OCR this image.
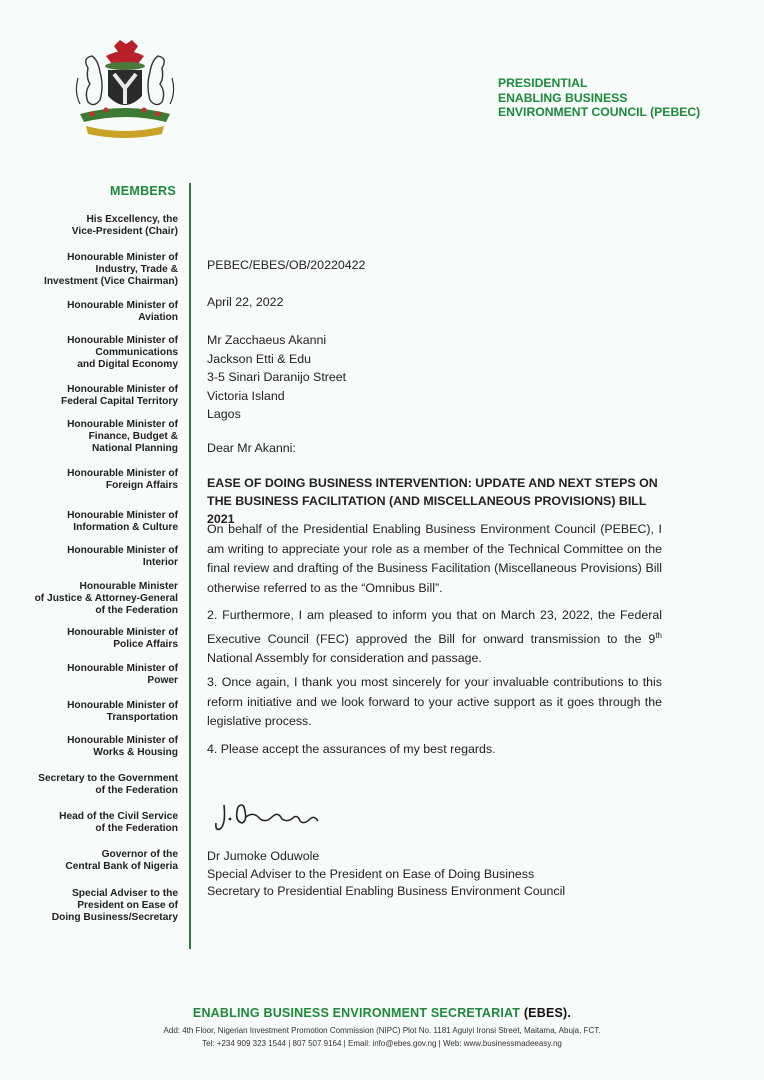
PRESIDENTIAL
ENABLING BUSINESS
ENVIRONMENT COUNCIL (PEBEC)
MEMBERS
His Excellency, the
Vice-President (Chair)
Honourable Minister of
Industry, Trade &
Investment (Vice Chairman)
Honourable Minister of
Aviation
Honourable Minister of
Communications
and Digital Economy
Honourable Minister of
Federal Capital Territory
Honourable Minister of
Finance, Budget &
National Planning
Honourable Minister of
Foreign Affairs
Honourable Minister of
Information & Culture
Honourable Minister of
Interior
Honourable Minister
of Justice & Attorney-General
of the Federation
Honourable Minister of
Police Affairs
Honourable Minister of
Power
Honourable Minister of
Transportation
Honourable Minister of
Works & Housing
Secretary to the Government
of the Federation
Head of the Civil Service
of the Federation
Governor of the
Central Bank of Nigeria
Special Adviser to the
President on Ease of
Doing Business/Secretary
PEBEC/EBES/OB/20220422
April 22, 2022
Mr Zacchaeus Akanni
Jackson Etti & Edu
3-5 Sinari Daranijo Street
Victoria Island
Lagos
Dear Mr Akanni:
EASE OF DOING BUSINESS INTERVENTION: UPDATE AND NEXT STEPS ON THE BUSINESS FACILITATION (AND MISCELLANEOUS PROVISIONS) BILL 2021
On behalf of the Presidential Enabling Business Environment Council (PEBEC), I am writing to appreciate your role as a member of the Technical Committee on the final review and drafting of the Business Facilitation (Miscellaneous Provisions) Bill otherwise referred to as the “Omnibus Bill”.
2. Furthermore, I am pleased to inform you that on March 23, 2022, the Federal Executive Council (FEC) approved the Bill for onward transmission to the 9th National Assembly for consideration and passage.
3. Once again, I thank you most sincerely for your invaluable contributions to this reform initiative and we look forward to your active support as it goes through the legislative process.
4. Please accept the assurances of my best regards.
Dr Jumoke Oduwole
Special Adviser to the President on Ease of Doing Business
Secretary to Presidential Enabling Business Environment Council
ENABLING BUSINESS ENVIRONMENT SECRETARIAT (EBES).
Add: 4th Floor, Nigerian Investment Promotion Commission (NIPC) Plot No. 1181 Aguiyi Ironsi Street, Maitama, Abuja, FCT.
Tel: +234 909 323 1544 | 807 507 9164 | Email: info@ebes.gov.ng | Web: www.businessmadeeasy.ng
